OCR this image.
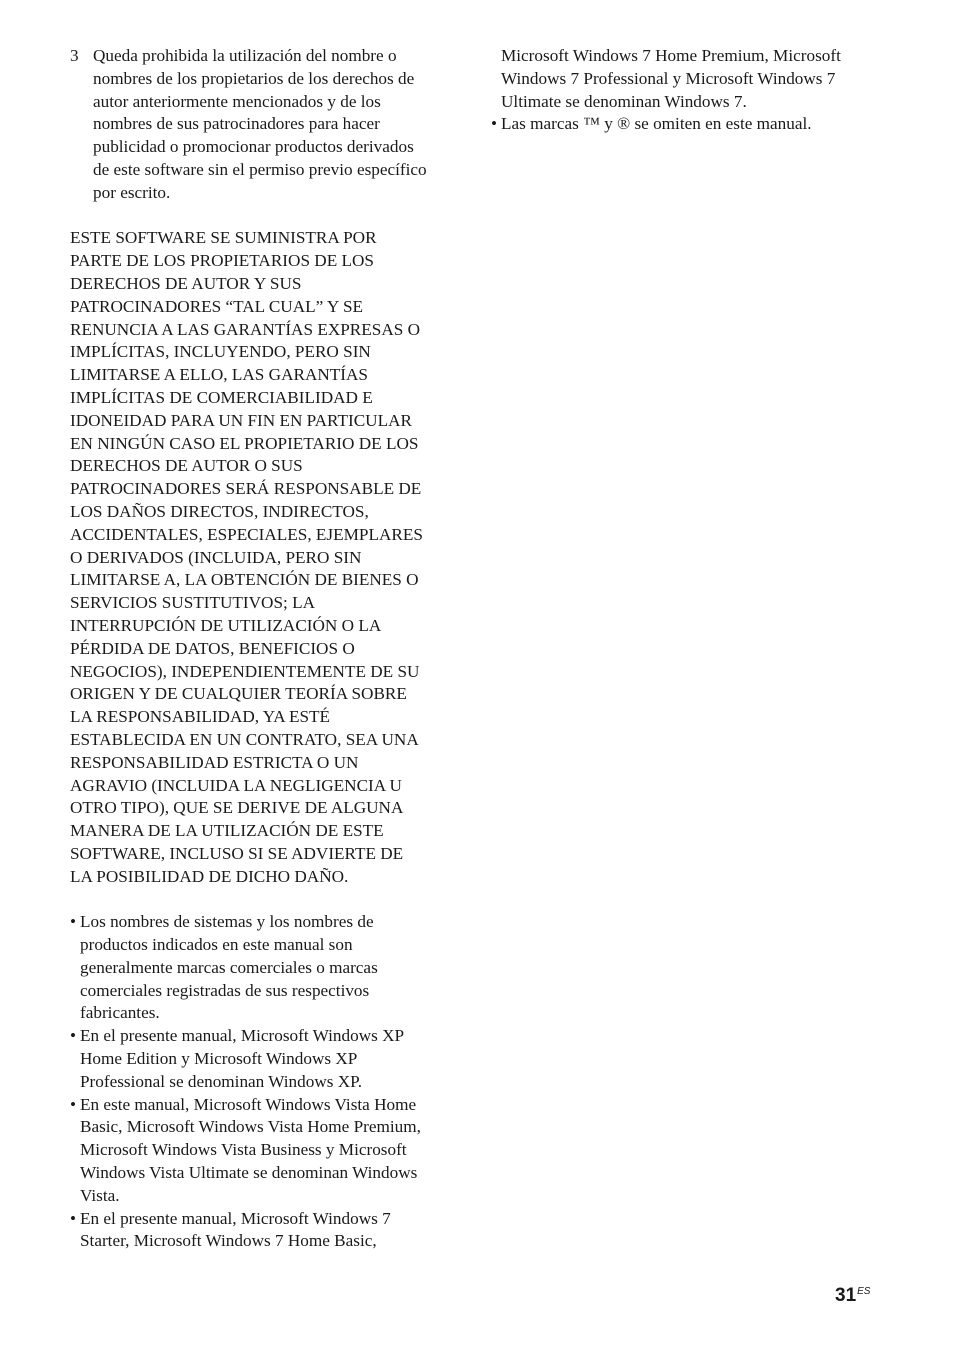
3 Queda prohibida la utilización del nombre o
nombres de los propietarios de los derechos de
autor anteriormente mencionados y de los
nombres de sus patrocinadores para hacer
publicidad o promocionar productos derivados
de este software sin el permiso previo específico
por escrito.
ESTE SOFTWARE SE SUMINISTRA POR
PARTE DE LOS PROPIETARIOS DE LOS
DERECHOS DE AUTOR Y SUS
PATROCINADORES “TAL CUAL” Y SE
RENUNCIA A LAS GARANTÍAS EXPRESAS O
IMPLÍCITAS, INCLUYENDO, PERO SIN
LIMITARSE A ELLO, LAS GARANTÍAS
IMPLÍCITAS DE COMERCIABILIDAD E
IDONEIDAD PARA UN FIN EN PARTICULAR
EN NINGÚN CASO EL PROPIETARIO DE LOS
DERECHOS DE AUTOR O SUS
PATROCINADORES SERÁ RESPONSABLE DE
LOS DAÑOS DIRECTOS, INDIRECTOS,
ACCIDENTALES, ESPECIALES, EJEMPLARES
O DERIVADOS (INCLUIDA, PERO SIN
LIMITARSE A, LA OBTENCIÓN DE BIENES O
SERVICIOS SUSTITUTIVOS; LA
INTERRUPCIÓN DE UTILIZACIÓN O LA
PÉRDIDA DE DATOS, BENEFICIOS O
NEGOCIOS), INDEPENDIENTEMENTE DE SU
ORIGEN Y DE CUALQUIER TEORÍA SOBRE
LA RESPONSABILIDAD, YA ESTÉ
ESTABLECIDA EN UN CONTRATO, SEA UNA
RESPONSABILIDAD ESTRICTA O UN
AGRAVIO (INCLUIDA LA NEGLIGENCIA U
OTRO TIPO), QUE SE DERIVE DE ALGUNA
MANERA DE LA UTILIZACIÓN DE ESTE
SOFTWARE, INCLUSO SI SE ADVIERTE DE
LA POSIBILIDAD DE DICHO DAÑO.
• Los nombres de sistemas y los nombres de
productos indicados en este manual son
generalmente marcas comerciales o marcas
comerciales registradas de sus respectivos
fabricantes.
• En el presente manual, Microsoft Windows XP
Home Edition y Microsoft Windows XP
Professional se denominan Windows XP.
• En este manual, Microsoft Windows Vista Home
Basic, Microsoft Windows Vista Home Premium,
Microsoft Windows Vista Business y Microsoft
Windows Vista Ultimate se denominan Windows
Vista.
• En el presente manual, Microsoft Windows 7
Starter, Microsoft Windows 7 Home Basic,
Microsoft Windows 7 Home Premium, Microsoft
Windows 7 Professional y Microsoft Windows 7
Ultimate se denominan Windows 7.
• Las marcas ™ y ® se omiten en este manual.
$31^{ES}$
